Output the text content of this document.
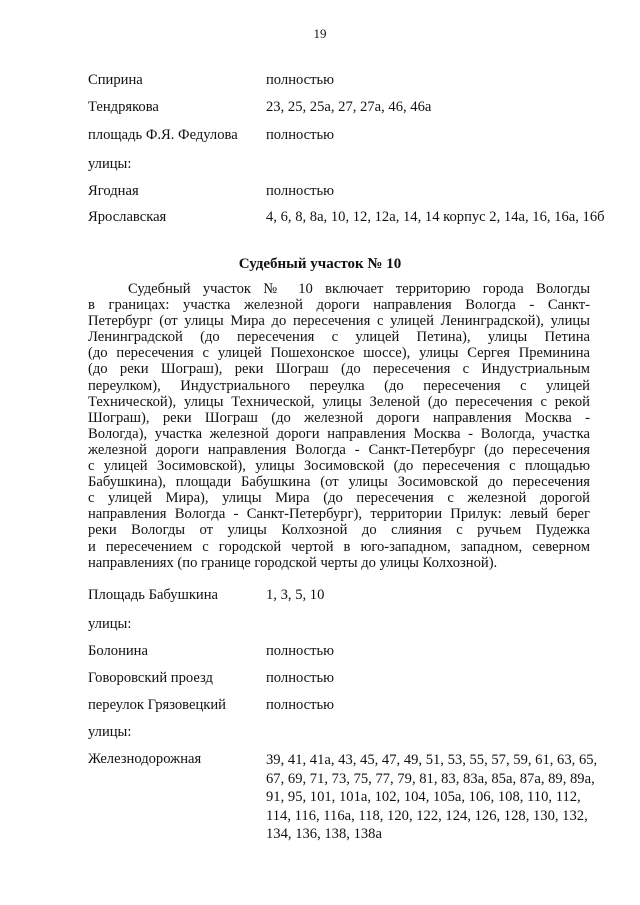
19
Спирина	полностью
Тендрякова	23, 25, 25а, 27, 27а, 46, 46а
площадь Ф.Я. Федулова	полностью
улицы:
Ягодная	полностью
Ярославская	4, 6, 8, 8а, 10, 12, 12а, 14, 14 корпус 2, 14а, 16, 16а, 16б
Судебный участок № 10
Судебный участок № 10 включает территорию города Вологды
в границах: участка железной дороги направления Вологда - Санкт-
Петербург (от улицы Мира до пересечения с улицей Ленинградской), улицы
Ленинградской (до пересечения с улицей Петина), улицы Петина
(до пересечения с улицей Пошехонское шоссе), улицы Сергея Преминина
(до реки Шограш), реки Шограш (до пересечения с Индустриальным
переулком), Индустриального переулка (до пересечения с улицей
Технической), улицы Технической, улицы Зеленой (до пересечения с рекой
Шограш), реки Шограш (до железной дороги направления Москва -
Вологда), участка железной дороги направления Москва - Вологда, участка
железной дороги направления Вологда - Санкт-Петербург (до пересечения
с улицей Зосимовской), улицы Зосимовской (до пересечения с площадью
Бабушкина), площади Бабушкина (от улицы Зосимовской до пересечения
с улицей Мира), улицы Мира (до пересечения с железной дорогой
направления Вологда - Санкт-Петербург), территории Прилук: левый берег
реки Вологды от улицы Колхозной до слияния с ручьем Пудежка
и пересечением с городской чертой в юго-западном, западном, северном
направлениях (по границе городской черты до улицы Колхозной).
Площадь Бабушкина	1, 3, 5, 10
улицы:
Болонина	полностью
Говоровский проезд	полностью
переулок Грязовецкий	полностью
улицы:
Железнодорожная	39, 41, 41а, 43, 45, 47, 49, 51, 53, 55, 57, 59, 61, 63, 65, 67, 69, 71, 73, 75, 77, 79, 81, 83, 83а, 85а, 87а, 89, 89а, 91, 95, 101, 101а, 102, 104, 105а, 106, 108, 110, 112, 114, 116, 116а, 118, 120, 122, 124, 126, 128, 130, 132, 134, 136, 138, 138а
